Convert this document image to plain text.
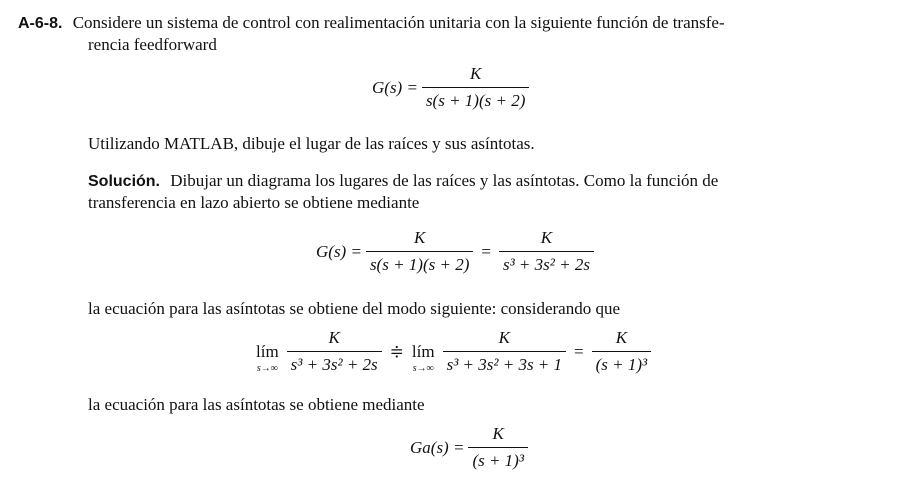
A-6-8. Considere un sistema de control con realimentación unitaria con la siguiente función de transfe-
rencia feedforward
$G(s) = \frac{K}{s(s + 1)(s + 2)}$
Utilizando MATLAB, dibuje el lugar de las raíces y sus asíntotas.
Solución. Dibujar un diagrama los lugares de las raíces y las asíntotas. Como la función de
transferencia en lazo abierto se obtiene mediante
$G(s) = \frac{K}{s(s + 1)(s + 2)} = \frac{K}{\text{s³ + 3s² + 2s}}$
la ecuación para las asíntotas se obtiene del modo siguiente: considerando que
lím
$s\to\infty \frac{K}{\text{s³ + 3s² + 2s}}$ ≑ lím
$s\to\infty \frac{K}{\text{s³ + 3s² + 3s + 1}} = \frac{K}{\text{(s + 1)³}}$
la ecuación para las asíntotas se obtiene mediante
$Ga(s) = \frac{K}{\text{(s + 1)³}}$
